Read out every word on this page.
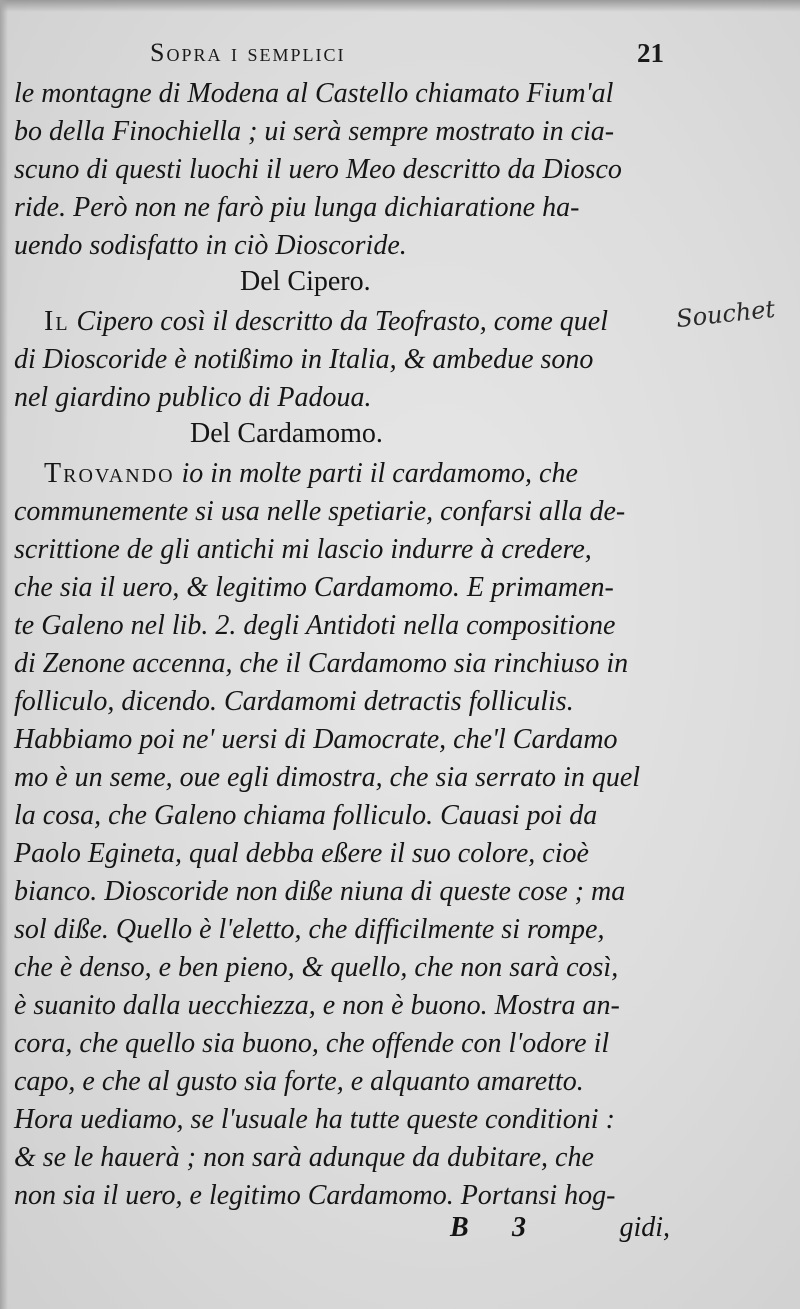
Sopra i semplici	21
Souchet
le montagne di Modena al Castello chiamato Fium'al
bo della Finochiella ; ui serà sempre mostrato in cia-
scuno di questi luochi il uero Meo descritto da Diosco
ride. Però non ne farò piu lunga dichiaratione ha-
uendo sodisfatto in ciò Dioscoride.
Del Cipero.
Il Cipero così il descritto da Teofrasto, come quel
di Dioscoride è notißimo in Italia, & ambedue sono
nel giardino publico di Padoua.
Del Cardamomo.
Trovando io in molte parti il cardamomo, che
communemente si usa nelle spetiarie, confarsi alla de-
scrittione de gli antichi mi lascio indurre à credere,
che sia il uero, & legitimo Cardamomo. E primamen-
te Galeno nel lib. 2. degli Antidoti nella compositione
di Zenone accenna, che il Cardamomo sia rinchiuso in
folliculo, dicendo. Cardamomi detractis folliculis.
Habbiamo poi ne' uersi di Damocrate, che'l Cardamo
mo è un seme, oue egli dimostra, che sia serrato in quel
la cosa, che Galeno chiama folliculo. Cauasi poi da
Paolo Egineta, qual debba eßere il suo colore, cioè
bianco. Dioscoride non diße niuna di queste cose ; ma
sol diße. Quello è l'eletto, che difficilmente si rompe,
che è denso, e ben pieno, & quello, che non sarà così,
è suanito dalla uecchiezza, e non è buono. Mostra an-
cora, che quello sia buono, che offende con l'odore il
capo, e che al gusto sia forte, e alquanto amaretto.
Hora uediamo, se l'usuale ha tutte queste conditioni :
& se le hauerà ; non sarà adunque da dubitare, che
non sia il uero, e legitimo Cardamomo. Portansi hog-
B 3	gidi,
